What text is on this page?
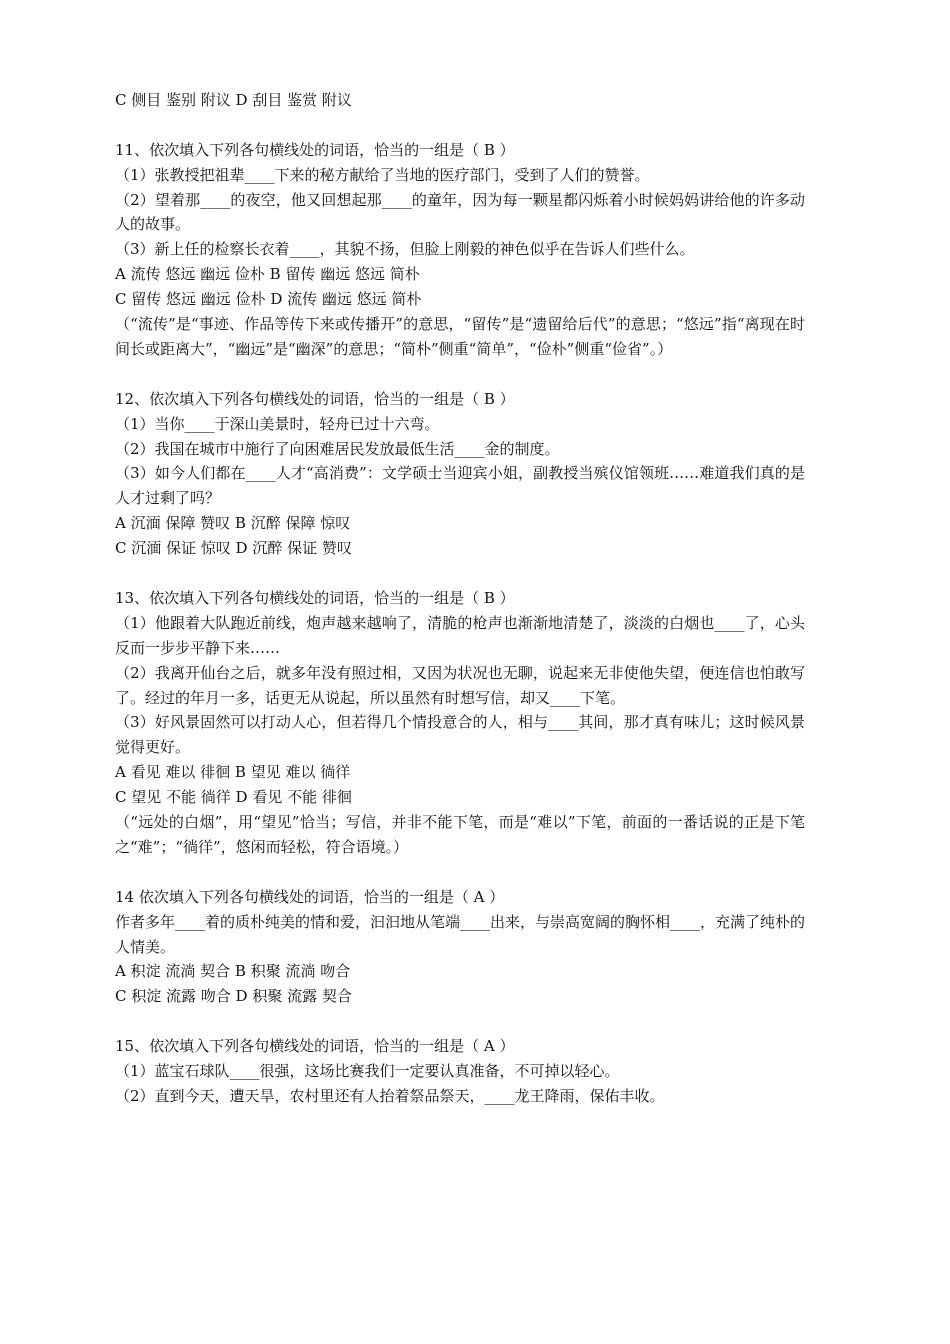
C 侧目 鉴别 附议 D 刮目 鉴赏 附议
11、依次填入下列各句横线处的词语，恰当的一组是（ B ）
（1）张教授把祖辈____下来的秘方献给了当地的医疗部门，受到了人们的赞誉。
（2）望着那____的夜空，他又回想起那____的童年，因为每一颗星都闪烁着小时候妈妈讲给他的许多动人的故事。
（3）新上任的检察长衣着____，其貌不扬，但脸上刚毅的神色似乎在告诉人们些什么。
A 流传 悠远 幽远 俭朴 B 留传 幽远 悠远 简朴
C 留传 悠远 幽远 俭朴 D 流传 幽远 悠远 简朴
（“流传”是“事迹、作品等传下来或传播开”的意思，“留传”是“遗留给后代”的意思；“悠远”指“离现在时间长或距离大”，“幽远”是“幽深”的意思；“简朴”侧重“简单”，“俭朴”侧重“俭省”。）
12、依次填入下列各句横线处的词语，恰当的一组是（ B ）
（1）当你____于深山美景时，轻舟已过十六弯。
（2）我国在城市中施行了向困难居民发放最低生活____金的制度。
（3）如今人们都在____人才“高消费”：文学硕士当迎宾小姐，副教授当殡仪馆领班……难道我们真的是人才过剩了吗？
A 沉湎 保障 赞叹 B 沉醉 保障 惊叹
C 沉湎 保证 惊叹 D 沉醉 保证 赞叹
13、依次填入下列各句横线处的词语，恰当的一组是（ B ）
（1）他跟着大队跑近前线，炮声越来越响了，清脆的枪声也渐渐地清楚了，淡淡的白烟也____了，心头反而一步步平静下来……
（2）我离开仙台之后，就多年没有照过相，又因为状况也无聊，说起来无非使他失望，便连信也怕敢写了。经过的年月一多，话更无从说起，所以虽然有时想写信，却又____下笔。
（3）好风景固然可以打动人心，但若得几个情投意合的人，相与____其间，那才真有味儿；这时候风景觉得更好。
A 看见 难以 徘徊 B 望见 难以 徜徉
C 望见 不能 徜徉 D 看见 不能 徘徊
（“远处的白烟”，用“望见”恰当；写信，并非不能下笔，而是“难以”下笔，前面的一番话说的正是下笔之“难”；“徜徉”，悠闲而轻松，符合语境。）
14 依次填入下列各句横线处的词语，恰当的一组是（ A ）
作者多年____着的质朴纯美的情和爱，汩汩地从笔端____出来，与崇高宽阔的胸怀相____，充满了纯朴的人情美。
A 积淀 流淌 契合 B 积聚 流淌 吻合
C 积淀 流露 吻合 D 积聚 流露 契合
15、依次填入下列各句横线处的词语，恰当的一组是（ A ）
（1）蓝宝石球队____很强，这场比赛我们一定要认真准备，不可掉以轻心。
（2）直到今天，遭天旱，农村里还有人抬着祭品祭天，____龙王降雨，保佑丰收。
